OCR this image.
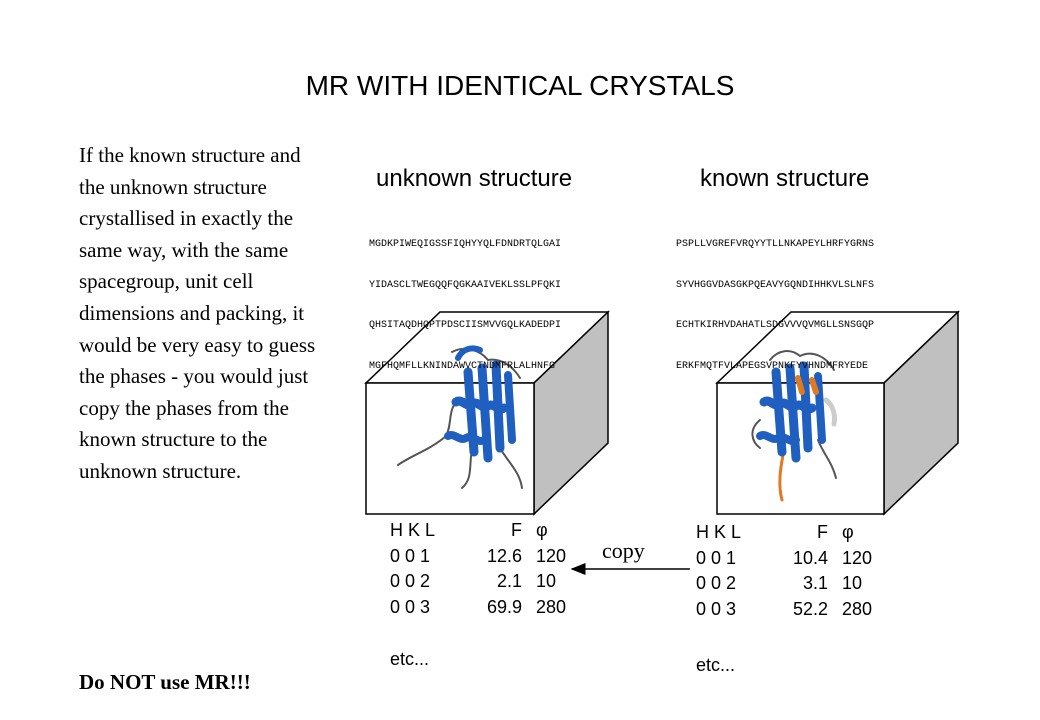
MR WITH IDENTICAL CRYSTALS
If the known structure and the unknown structure crystallised in exactly the same way, with the same spacegroup, unit cell dimensions and packing, it would be very easy to guess the phases - you would just copy the phases from the known structure to the unknown structure.
Do NOT use MR!!!
unknown structure	known structure

MGDKPIWEQIGSSFIQHYYQLFDNDRTQLGAI

YIDASCLTWEGQQFQGKAAIVEKLSSLPFQKI

QHSITAQDHQPTPDSCIISMVVGQLKADEDPI

MGFHQMFLLKNINDAWVCTNDMFRLALHNFG

PSPLLVGREFVRQYYTLLNKAPEYLHRFYGRNS

SYVHGGVDASGKPQEAVYGQNDIHHKVLSLNFS

ECHTKIRHVDAHATLSDGVVVQVMGLLSNSGQP

ERKFMQTFVLAPEGSVPNKFYVHNDMFRYEDE

H K L	F φ
0 0 1	12.6 120
0 0 2	2.1 10
0 0 3	69.9 280
etc...
H K L	F φ
0 0 1	10.4 120
0 0 2	3.1 10
0 0 3	52.2 280
etc...
copy
